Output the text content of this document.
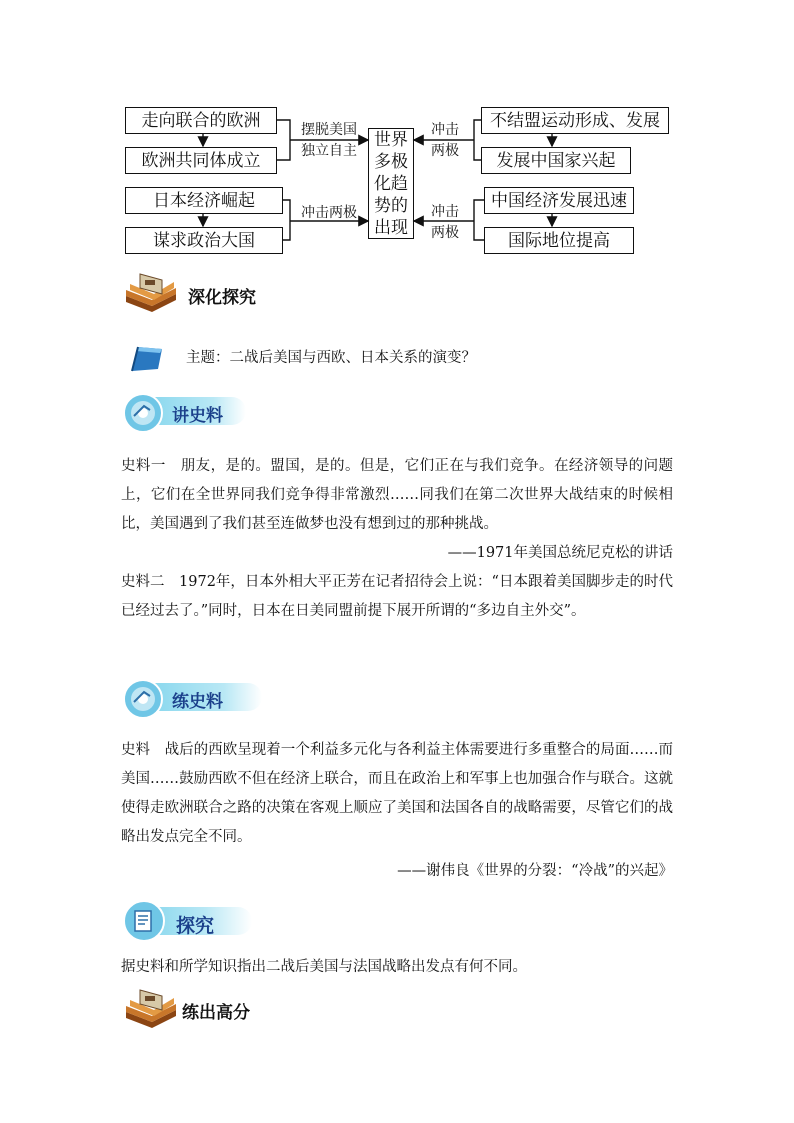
走向联合的欧洲
欧洲共同体成立
日本经济崛起
谋求政治大国
摆脱美国
独立自主
冲击两极
世界
多极
化趋
势的
出现
冲击
两极
冲击
两极
不结盟运动形成、发展
发展中国家兴起
中国经济发展迅速
国际地位提高
深化探究
主题：二战后美国与西欧、日本关系的演变？
讲史料
史料一　朋友，是的。盟国，是的。但是，它们正在与我们竞争。在经济领导的问题上，它们在全世界同我们竞争得非常激烈……同我们在第二次世界大战结束的时候相比，美国遇到了我们甚至连做梦也没有想到过的那种挑战。
——1971年美国总统尼克松的讲话
史料二　1972年，日本外相大平正芳在记者招待会上说：“日本跟着美国脚步走的时代已经过去了。”同时，日本在日美同盟前提下展开所谓的“多边自主外交”。
练史料
史料　战后的西欧呈现着一个利益多元化与各利益主体需要进行多重整合的局面……而美国……鼓励西欧不但在经济上联合，而且在政治上和军事上也加强合作与联合。这就使得走欧洲联合之路的决策在客观上顺应了美国和法国各自的战略需要，尽管它们的战略出发点完全不同。
——谢伟良《世界的分裂：“冷战”的兴起》
探究
据史料和所学知识指出二战后美国与法国战略出发点有何不同。
练出高分
